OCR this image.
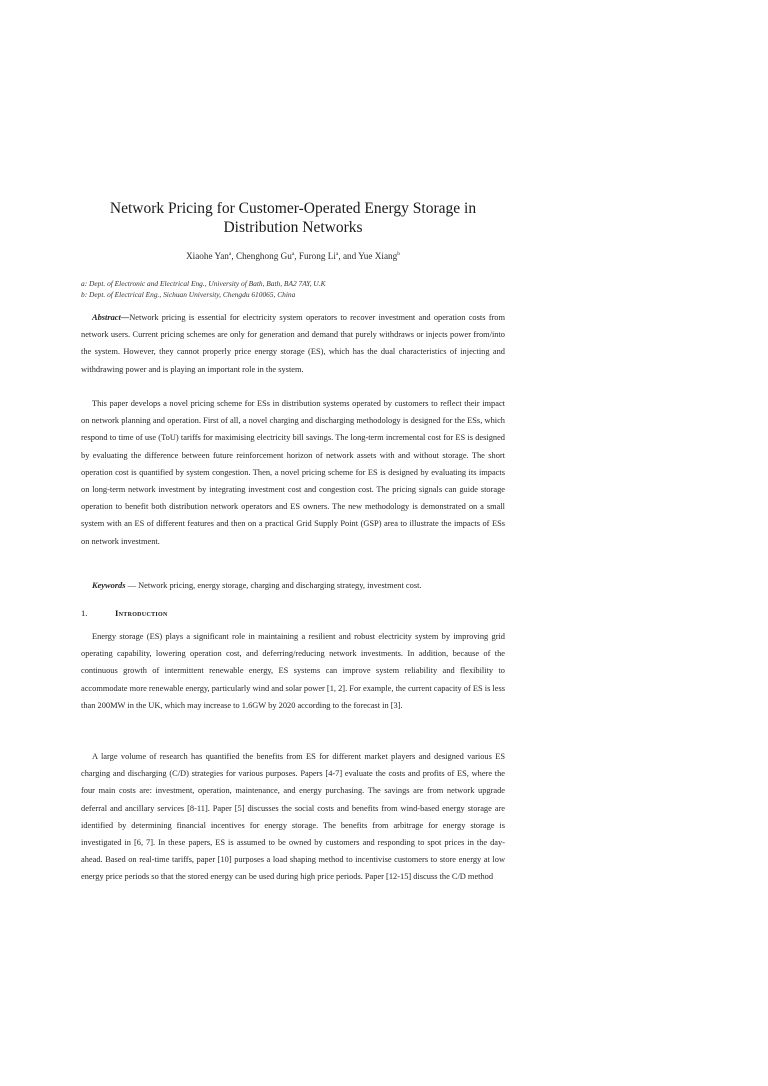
Network Pricing for Customer-Operated Energy Storage in
Distribution Networks
Xiaohe Yan$^a$, Chenghong Gu$^a$, Furong Li$^a$, and Yue Xiang$^b$
a: Dept. of Electronic and Electrical Eng., University of Bath, Bath, BA2 7AY, U.K
b: Dept. of Electrical Eng., Sichuan University, Chengdu 610065, China

Abstract—Network pricing is essential for electricity system operators to recover investment and operation costs from network users. Current pricing schemes are only for generation and demand that purely withdraws or injects power from/into the system. However, they cannot properly price energy storage (ES), which has the dual characteristics of injecting and withdrawing power and is playing an important role in the system.

This paper develops a novel pricing scheme for ESs in distribution systems operated by customers to reflect their impact on network planning and operation. First of all, a novel charging and discharging methodology is designed for the ESs, which respond to time of use (ToU) tariffs for maximising electricity bill savings. The long-term incremental cost for ES is designed by evaluating the difference between future reinforcement horizon of network assets with and without storage. The short operation cost is quantified by system congestion. Then, a novel pricing scheme for ES is designed by evaluating its impacts on long-term network investment by integrating investment cost and congestion cost. The pricing signals can guide storage operation to benefit both distribution network operators and ES owners. The new methodology is demonstrated on a small system with an ES of different features and then on a practical Grid Supply Point (GSP) area to illustrate the impacts of ESs on network investment.

Keywords — Network pricing, energy storage, charging and discharging strategy, investment cost.

1.	Introduction

Energy storage (ES) plays a significant role in maintaining a resilient and robust electricity system by improving grid operating capability, lowering operation cost, and deferring/reducing network investments. In addition, because of the continuous growth of intermittent renewable energy, ES systems can improve system reliability and flexibility to accommodate more renewable energy, particularly wind and solar power [1, 2]. For example, the current capacity of ES is less than 200MW in the UK, which may increase to 1.6GW by 2020 according to the forecast in [3].

A large volume of research has quantified the benefits from ES for different market players and designed various ES charging and discharging (C/D) strategies for various purposes. Papers [4-7] evaluate the costs and profits of ES, where the four main costs are: investment, operation, maintenance, and energy purchasing. The savings are from network upgrade deferral and ancillary services [8-11]. Paper [5] discusses the social costs and benefits from wind-based energy storage are identified by determining financial incentives for energy storage. The benefits from arbitrage for energy storage is investigated in [6, 7]. In these papers, ES is assumed to be owned by customers and responding to spot prices in the day-ahead. Based on real-time tariffs, paper [10] purposes a load shaping method to incentivise customers to store energy at low energy price periods so that the stored energy can be used during high price periods. Paper [12-15] discuss the C/D method
